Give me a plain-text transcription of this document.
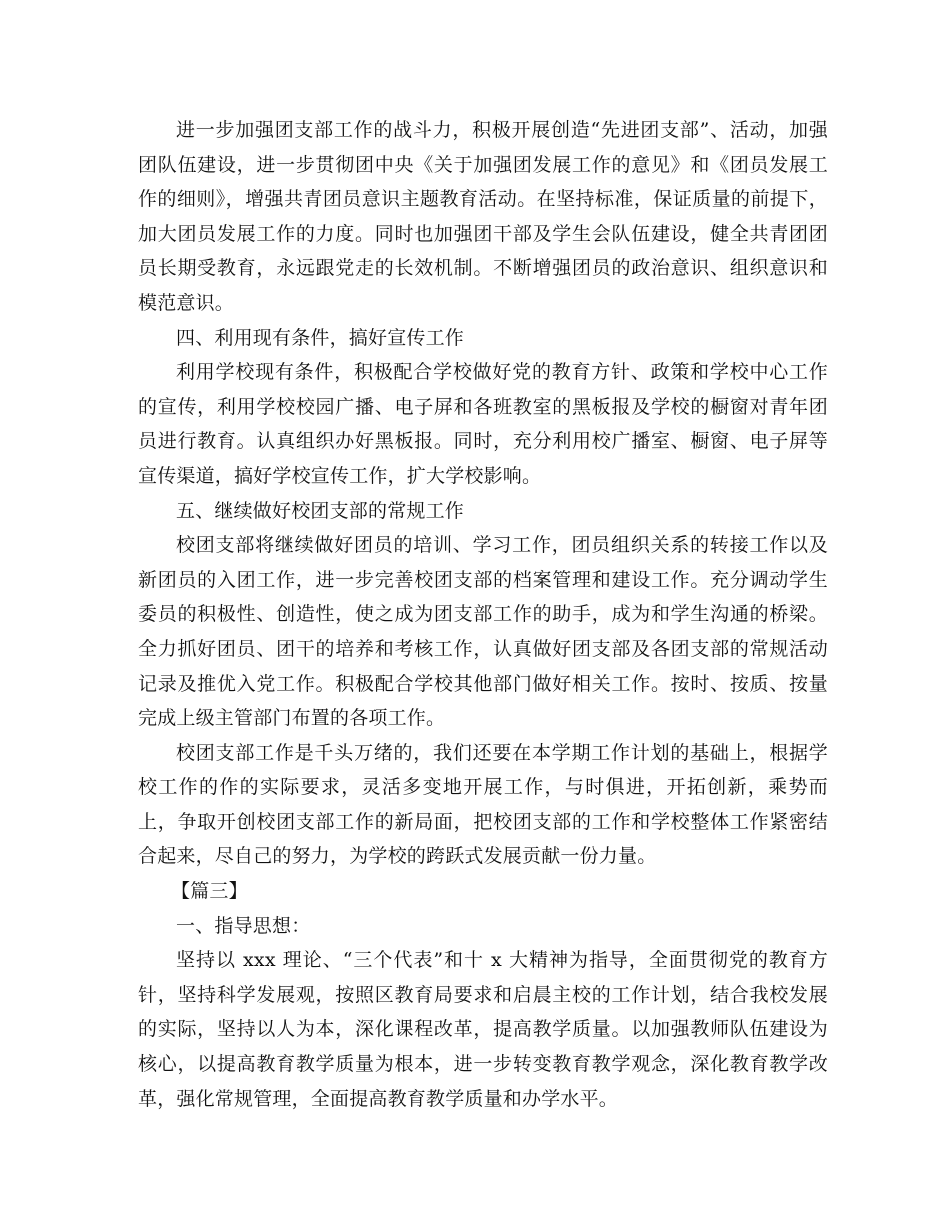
进一步加强团支部工作的战斗力，积极开展创造“先进团支部”、活动，加强团队伍建设，进一步贯彻团中央《关于加强团发展工作的意见》和《团员发展工作的细则》，增强共青团员意识主题教育活动。在坚持标准，保证质量的前提下，加大团员发展工作的力度。同时也加强团干部及学生会队伍建设，健全共青团团员长期受教育，永远跟党走的长效机制。不断增强团员的政治意识、组织意识和模范意识。

四、利用现有条件，搞好宣传工作

利用学校现有条件，积极配合学校做好党的教育方针、政策和学校中心工作的宣传，利用学校校园广播、电子屏和各班教室的黑板报及学校的橱窗对青年团员进行教育。认真组织办好黑板报。同时，充分利用校广播室、橱窗、电子屏等宣传渠道，搞好学校宣传工作，扩大学校影响。

五、继续做好校团支部的常规工作

校团支部将继续做好团员的培训、学习工作，团员组织关系的转接工作以及新团员的入团工作，进一步完善校团支部的档案管理和建设工作。充分调动学生委员的积极性、创造性，使之成为团支部工作的助手，成为和学生沟通的桥梁。全力抓好团员、团干的培养和考核工作，认真做好团支部及各团支部的常规活动记录及推优入党工作。积极配合学校其他部门做好相关工作。按时、按质、按量完成上级主管部门布置的各项工作。

校团支部工作是千头万绪的，我们还要在本学期工作计划的基础上，根据学校工作的作的实际要求，灵活多变地开展工作，与时俱进，开拓创新，乘势而上，争取开创校团支部工作的新局面，把校团支部的工作和学校整体工作紧密结合起来，尽自己的努力，为学校的跨跃式发展贡献一份力量。

【篇三】

一、指导思想：

坚持以 xxx 理论、“三个代表”和十 x 大精神为指导，全面贯彻党的教育方针，坚持科学发展观，按照区教育局要求和启晨主校的工作计划，结合我校发展的实际，坚持以人为本，深化课程改革，提高教学质量。以加强教师队伍建设为核心，以提高教育教学质量为根本，进一步转变教育教学观念，深化教育教学改革，强化常规管理，全面提高教育教学质量和办学水平。
